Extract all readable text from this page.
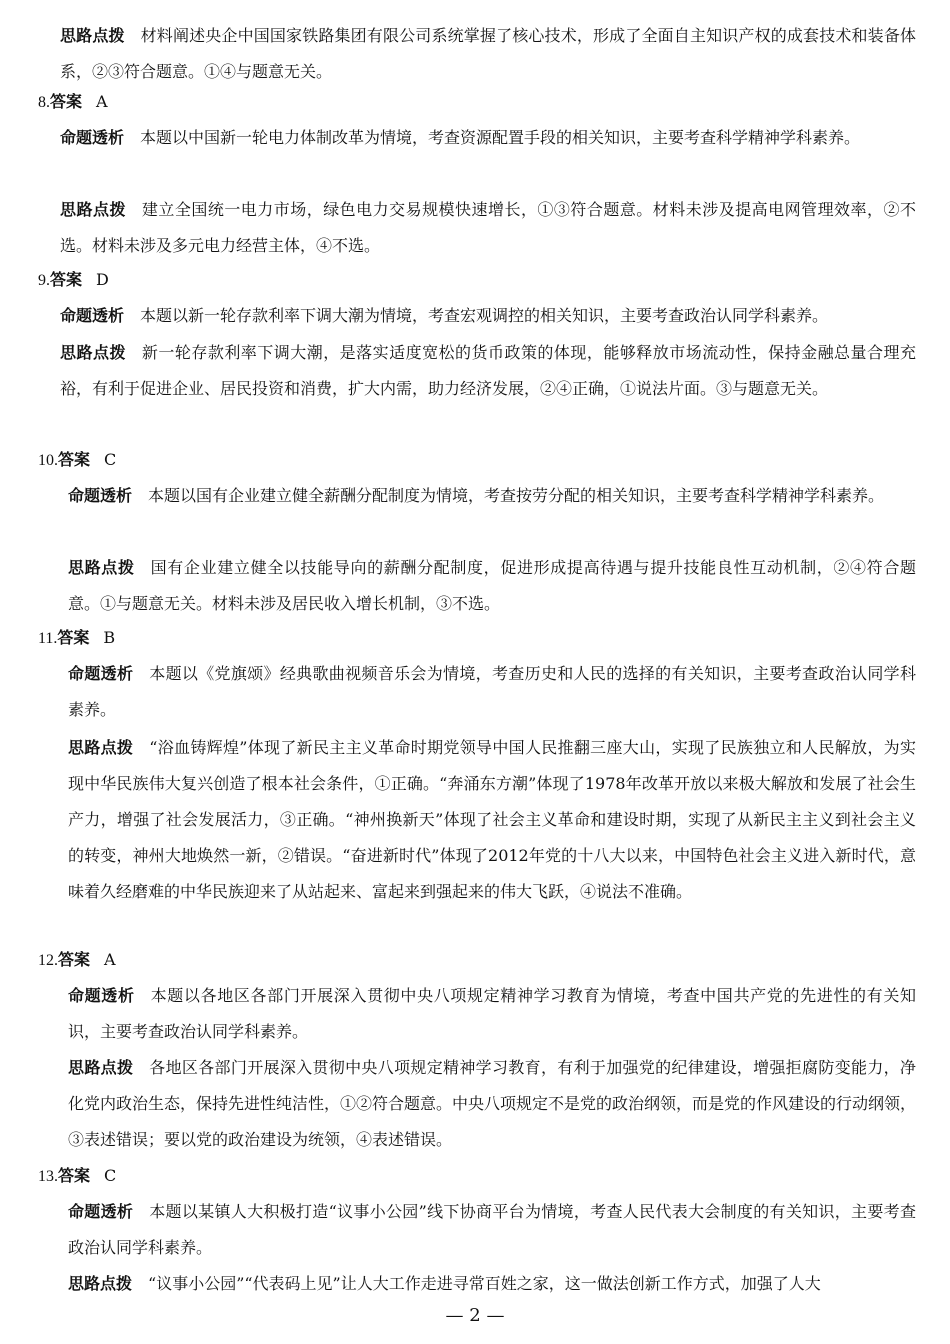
思路点拨 材料阐述央企中国国家铁路集团有限公司系统掌握了核心技术，形成了全面自主知识产权的成套技术和装备体系，②③符合题意。①④与题意无关。
8.答案 A
命题透析 本题以中国新一轮电力体制改革为情境，考查资源配置手段的相关知识，主要考查科学精神学科素养。
思路点拨 建立全国统一电力市场，绿色电力交易规模快速增长，①③符合题意。材料未涉及提高电网管理效率，②不选。材料未涉及多元电力经营主体，④不选。
9.答案 D
命题透析 本题以新一轮存款利率下调大潮为情境，考查宏观调控的相关知识，主要考查政治认同学科素养。
思路点拨 新一轮存款利率下调大潮，是落实适度宽松的货币政策的体现，能够释放市场流动性，保持金融总量合理充裕，有利于促进企业、居民投资和消费，扩大内需，助力经济发展，②④正确，①说法片面。③与题意无关。
10.答案 C
命题透析 本题以国有企业建立健全薪酬分配制度为情境，考查按劳分配的相关知识，主要考查科学精神学科素养。
思路点拨 国有企业建立健全以技能导向的薪酬分配制度，促进形成提高待遇与提升技能良性互动机制，②④符合题意。①与题意无关。材料未涉及居民收入增长机制，③不选。
11.答案 B
命题透析 本题以《党旗颂》经典歌曲视频音乐会为情境，考查历史和人民的选择的有关知识，主要考查政治认同学科素养。
思路点拨 “浴血铸辉煌”体现了新民主主义革命时期党领导中国人民推翻三座大山，实现了民族独立和人民解放，为实现中华民族伟大复兴创造了根本社会条件，①正确。“奔涌东方潮”体现了1978年改革开放以来极大解放和发展了社会生产力，增强了社会发展活力，③正确。“神州换新天”体现了社会主义革命和建设时期，实现了从新民主主义到社会主义的转变，神州大地焕然一新，②错误。“奋进新时代”体现了2012年党的十八大以来，中国特色社会主义进入新时代，意味着久经磨难的中华民族迎来了从站起来、富起来到强起来的伟大飞跃，④说法不准确。
12.答案 A
命题透析 本题以各地区各部门开展深入贯彻中央八项规定精神学习教育为情境，考查中国共产党的先进性的有关知识，主要考查政治认同学科素养。
思路点拨 各地区各部门开展深入贯彻中央八项规定精神学习教育，有利于加强党的纪律建设，增强拒腐防变能力，净化党内政治生态，保持先进性纯洁性，①②符合题意。中央八项规定不是党的政治纲领，而是党的作风建设的行动纲领，③表述错误；要以党的政治建设为统领，④表述错误。
13.答案 C
命题透析 本题以某镇人大积极打造“议事小公园”线下协商平台为情境，考查人民代表大会制度的有关知识，主要考查政治认同学科素养。
思路点拨 “议事小公园”“代表码上见”让人大工作走进寻常百姓之家，这一做法创新工作方式，加强了人大
— 2 —
